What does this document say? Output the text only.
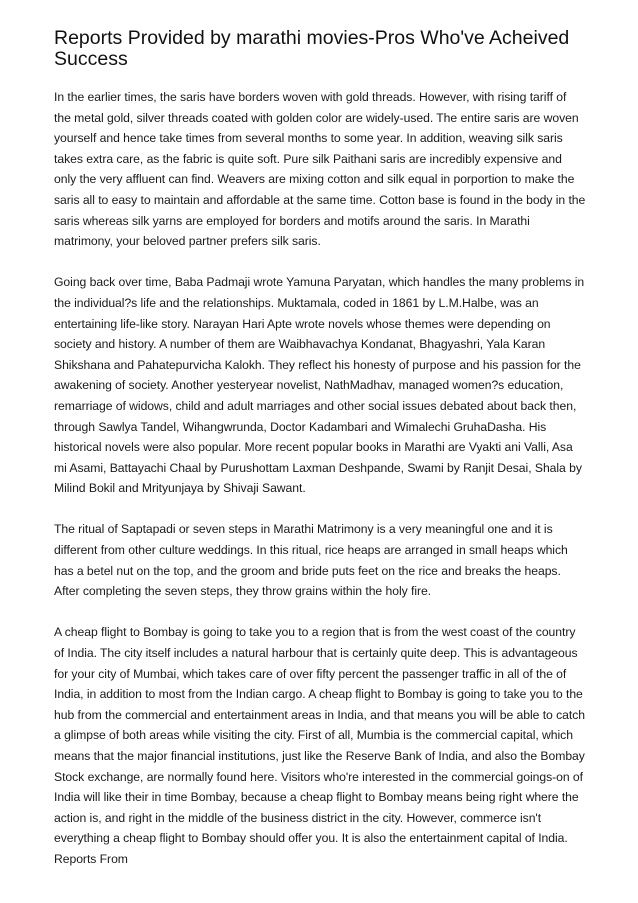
Reports Provided by marathi movies-Pros Who've Acheived Success

In the earlier times, the saris have borders woven with gold threads. However, with rising tariff of the metal gold, silver threads coated with golden color are widely-used. The entire saris are woven yourself and hence take times from several months to some year. In addition, weaving silk saris takes extra care, as the fabric is quite soft. Pure silk Paithani saris are incredibly expensive and only the very affluent can find. Weavers are mixing cotton and silk equal in porportion to make the saris all to easy to maintain and affordable at the same time. Cotton base is found in the body in the saris whereas silk yarns are employed for borders and motifs around the saris. In Marathi matrimony, your beloved partner prefers silk saris.

Going back over time, Baba Padmaji wrote Yamuna Paryatan, which handles the many problems in the individual?s life and the relationships. Muktamala, coded in 1861 by L.M.Halbe, was an entertaining life-like story. Narayan Hari Apte wrote novels whose themes were depending on society and history. A number of them are Waibhavachya Kondanat, Bhagyashri, Yala Karan Shikshana and Pahatepurvicha Kalokh. They reflect his honesty of purpose and his passion for the awakening of society. Another yesteryear novelist, NathMadhav, managed women?s education, remarriage of widows, child and adult marriages and other social issues debated about back then, through Sawlya Tandel, Wihangwrunda, Doctor Kadambari and Wimalechi GruhaDasha. His historical novels were also popular. More recent popular books in Marathi are Vyakti ani Valli, Asa mi Asami, Battayachi Chaal by Purushottam Laxman Deshpande, Swami by Ranjit Desai, Shala by Milind Bokil and Mrityunjaya by Shivaji Sawant.

The ritual of Saptapadi or seven steps in Marathi Matrimony is a very meaningful one and it is different from other culture weddings. In this ritual, rice heaps are arranged in small heaps which has a betel nut on the top, and the groom and bride puts feet on the rice and breaks the heaps. After completing the seven steps, they throw grains within the holy fire.

A cheap flight to Bombay is going to take you to a region that is from the west coast of the country of India. The city itself includes a natural harbour that is certainly quite deep. This is advantageous for your city of Mumbai, which takes care of over fifty percent the passenger traffic in all of the of India, in addition to most from the Indian cargo. A cheap flight to Bombay is going to take you to the hub from the commercial and entertainment areas in India, and that means you will be able to catch a glimpse of both areas while visiting the city. First of all, Mumbia is the commercial capital, which means that the major financial institutions, just like the Reserve Bank of India, and also the Bombay Stock exchange, are normally found here. Visitors who're interested in the commercial goings-on of India will like their in time Bombay, because a cheap flight to Bombay means being right where the action is, and right in the middle of the business district in the city. However, commerce isn't everything a cheap flight to Bombay should offer you. It is also the entertainment capital of India. Reports From
